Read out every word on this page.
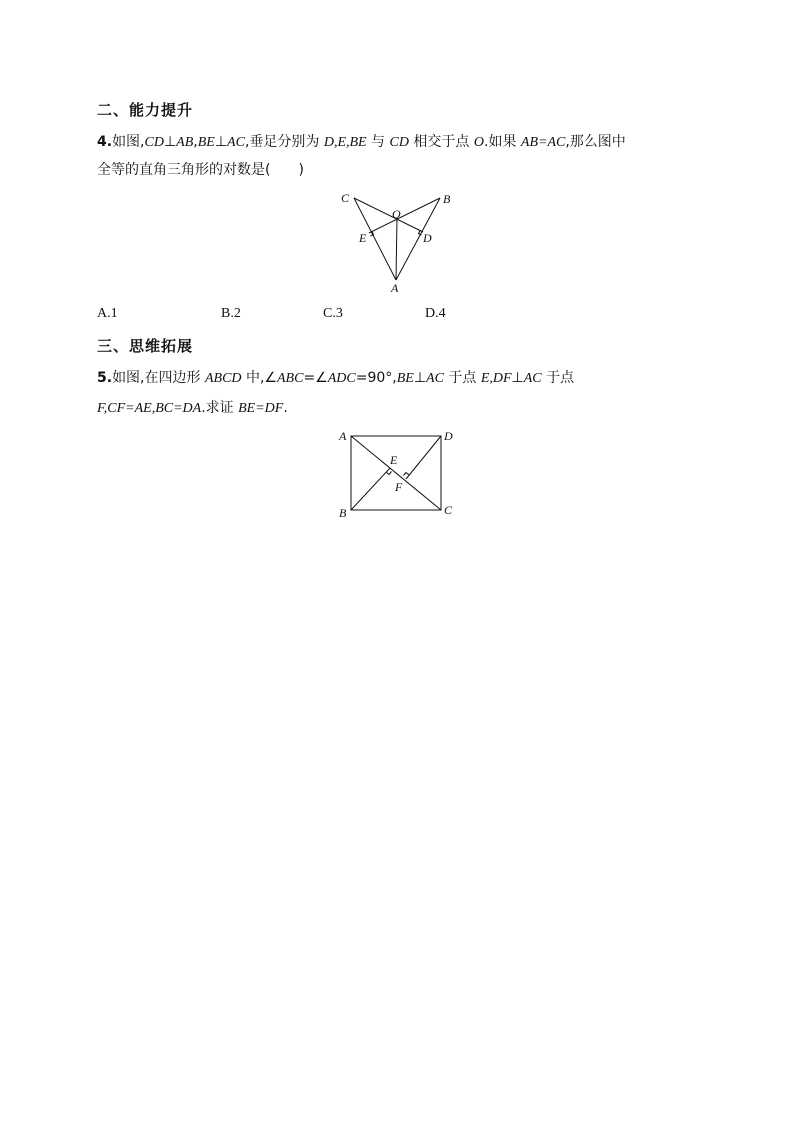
二、能力提升
4.如图,CD⊥AB,BE⊥AC,垂足分别为 D,E,BE 与 CD 相交于点 O.如果 AB=AC,那么图中
全等的直角三角形的对数是(　　)
C	B
O
E	D
A
A.1	B.2	C.3	D.4
三、思维拓展
5.如图,在四边形 ABCD 中,∠ABC=∠ADC=90°,BE⊥AC 于点 E,DF⊥AC 于点
F,CF=AE,BC=DA.求证 BE=DF.
A	D
E
F
B	C
